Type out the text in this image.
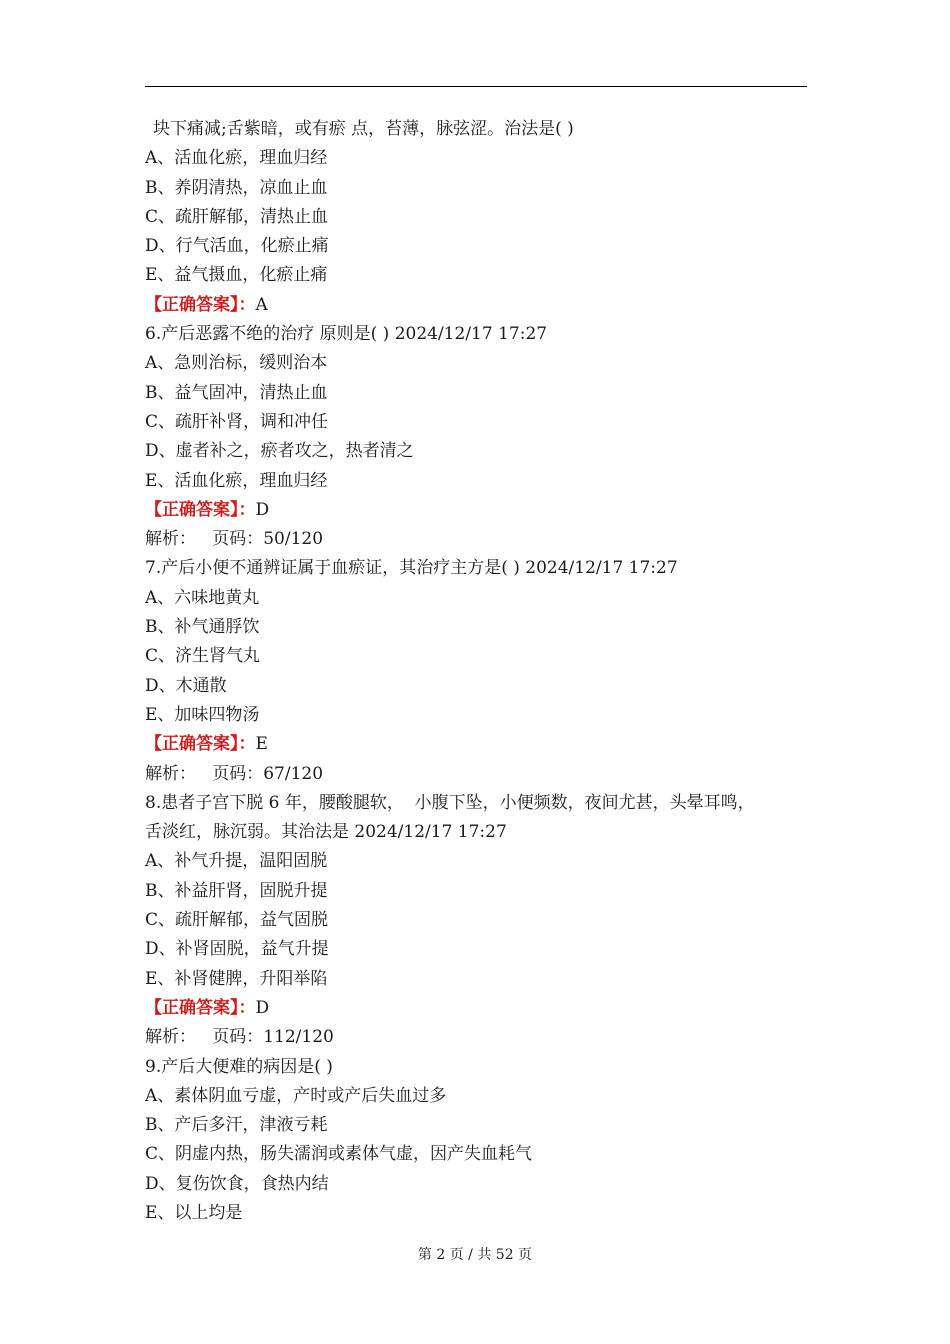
块下痛减;舌紫暗，或有瘀 点，苔薄，脉弦涩。治法是( )
A、活血化瘀，理血归经
B、养阴清热，凉血止血
C、疏肝解郁，清热止血
D、行气活血，化瘀止痛
E、益气摄血，化瘀止痛
【正确答案】：A
6.产后恶露不绝的治疗 原则是( ) 2024/12/17 17:27
A、急则治标，缓则治本
B、益气固冲，清热止血
C、疏肝补肾，调和冲任
D、虚者补之，瘀者攻之，热者清之
E、活血化瘀，理血归经
【正确答案】：D
解析：   页码：50/120
7.产后小便不通辨证属于血瘀证，其治疗主方是( ) 2024/12/17 17:27
A、六味地黄丸
B、补气通脬饮
C、济生肾气丸
D、木通散
E、加味四物汤
【正确答案】：E
解析：   页码：67/120
8.患者子宫下脱 6 年，腰酸腿软，  小腹下坠，小便频数，夜间尤甚，头晕耳鸣，
舌淡红，脉沉弱。其治法是 2024/12/17 17:27
A、补气升提，温阳固脱
B、补益肝肾，固脱升提
C、疏肝解郁，益气固脱
D、补肾固脱，益气升提
E、补肾健脾，升阳举陷
【正确答案】：D
解析：   页码：112/120
9.产后大便难的病因是( )
A、素体阴血亏虚，产时或产后失血过多
B、产后多汗，津液亏耗
C、阴虚内热，肠失濡润或素体气虚，因产失血耗气
D、复伤饮食，食热内结
E、以上均是
第 2 页 / 共 52 页
